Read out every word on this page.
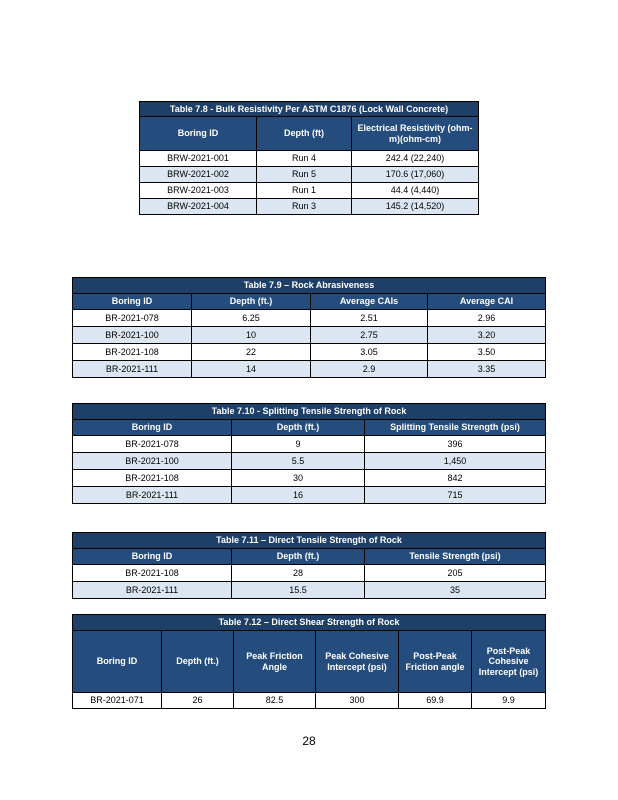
Table 7.8 - Bulk Resistivity Per ASTM C1876 (Lock Wall Concrete)		
Boring ID	Depth (ft)	Electrical Resistivity (ohm-m)(ohm-cm)
BRW-2021-001	Run 4	242.4 (22,240)
BRW-2021-002	Run 5	170.6 (17,060)
BRW-2021-003	Run 1	44.4 (4,440)
BRW-2021-004	Run 3	145.2 (14,520)
Table 7.9 – Rock Abrasiveness			
Boring ID	Depth (ft.)	Average CAIs	Average CAI
BR-2021-078	6.25	2.51	2.96
BR-2021-100	10	2.75	3.20
BR-2021-108	22	3.05	3.50
BR-2021-111	14	2.9	3.35
Table 7.10 - Splitting Tensile Strength of Rock		
Boring ID	Depth (ft.)	Splitting Tensile Strength (psi)
BR-2021-078	9	396
BR-2021-100	5.5	1,450
BR-2021-108	30	842
BR-2021-111	16	715
Table 7.11 – Direct Tensile Strength of Rock		
Boring ID	Depth (ft.)	Tensile Strength (psi)
BR-2021-108	28	205
BR-2021-111	15.5	35
Table 7.12 – Direct Shear Strength of Rock					
Boring ID	Depth (ft.)	Peak Friction Angle	Peak Cohesive Intercept (psi)	Post-Peak Friction angle	Post-Peak Cohesive Intercept (psi)
BR-2021-071	26	82.5	300	69.9	9.9
28
